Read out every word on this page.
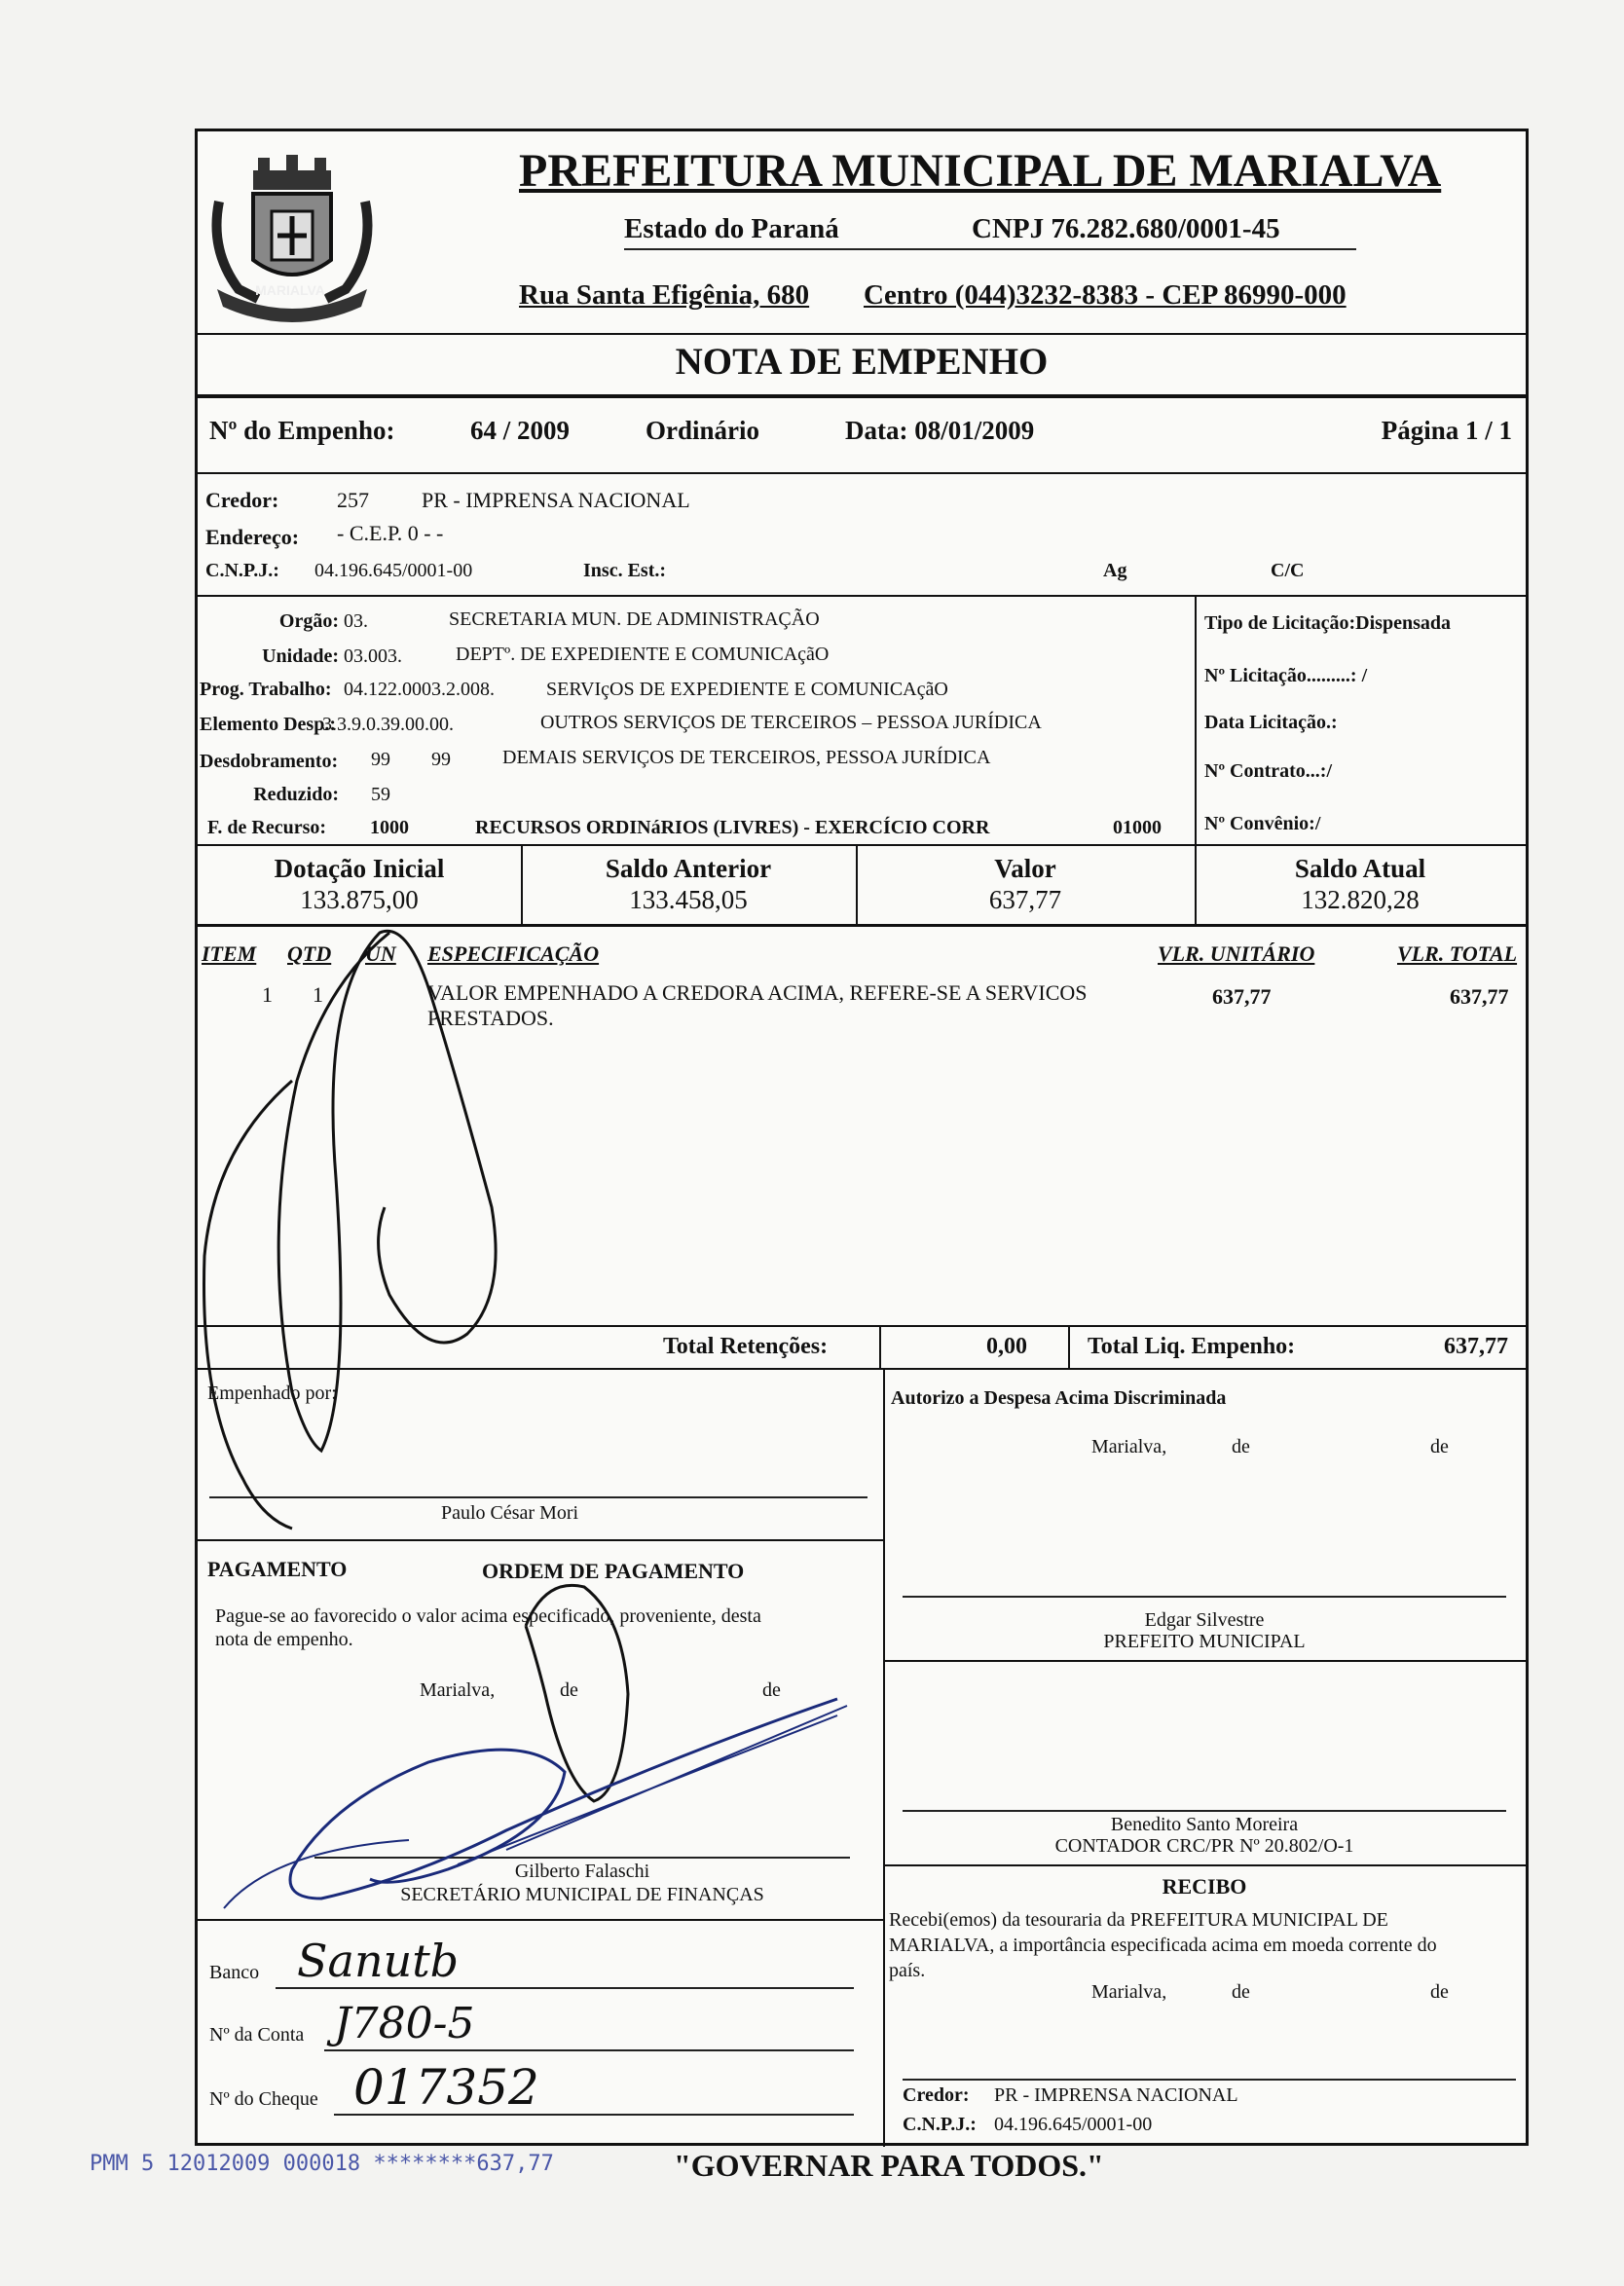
MARIALVA
PREFEITURA MUNICIPAL DE MARIALVA
Estado do Paraná	CNPJ 76.282.680/0001-45
Rua Santa Efigênia, 680 Centro (044)3232-8383 - CEP 86990-000
NOTA DE EMPENHO
Nº do Empenho:	64 / 2009	Ordinário	Data: 08/01/2009	Página 1 / 1
Credor:	257 PR - IMPRENSA NACIONAL
Endereço: - C.E.P. 0 - -
C.N.P.J.: 04.196.645/0001-00	Insc. Est.:	Ag	C/C
Orgão: 03.	SECRETARIA MUN. DE ADMINISTRAÇÃO
Unidade: 03.003.	DEPTº. DE EXPEDIENTE E COMUNICAçãO
Prog. Trabalho: 04.122.0003.2.008.	SERVIçOS DE EXPEDIENTE E COMUNICAçãO
Elemento Desp.:
3.3.9.0.39.00.00.	OUTROS SERVIÇOS DE TERCEIROS – PESSOA JURÍDICA
Desdobramento: 99 99	DEMAIS SERVIÇOS DE TERCEIROS, PESSOA JURÍDICA
Reduzido: 59
F. de Recurso: 1000	RECURSOS ORDINáRIOS (LIVRES) - EXERCÍCIO CORR	01000
Tipo de Licitação:Dispensada
Nº Licitação.........: /
Data Licitação.:
Nº Contrato...:/
Nº Convênio:/
Dotação Inicial
133.875,00
Saldo Anterior
133.458,05
Valor
637,77
Saldo Atual
132.820,28
ITEM QTD UN ESPECIFICAÇÃO	VLR. UNITÁRIO	VLR. TOTAL
1 1	VALOR EMPENHADO A CREDORA ACIMA, REFERE-SE A SERVICOS
PRESTADOS.
637,77	637,77
Total Retenções:	0,00	Total Liq. Empenho:	637,77
Empenhado por:
Paulo César Mori
PAGAMENTO	ORDEM DE PAGAMENTO
Pague-se ao favorecido o valor acima especificado, proveniente, desta
nota de empenho.
Marialva,	de	de
Gilberto Falaschi
SECRETÁRIO MUNICIPAL DE FINANÇAS
Banco Sanutb
Nº da Conta J780-5
Nº do Cheque 017352
Autorizo a Despesa Acima Discriminada
Marialva,	de	de
Edgar Silvestre
PREFEITO MUNICIPAL
Benedito Santo Moreira
CONTADOR CRC/PR Nº 20.802/O-1
RECIBO
Recebi(emos) da tesouraria da PREFEITURA MUNICIPAL DE
MARIALVA, a importância especificada acima em moeda corrente do
país.
Marialva,	de	de
Credor: PR - IMPRENSA NACIONAL
C.N.P.J.: 04.196.645/0001-00
PMM 5 12012009 000018 ********637,77	"GOVERNAR PARA TODOS."
